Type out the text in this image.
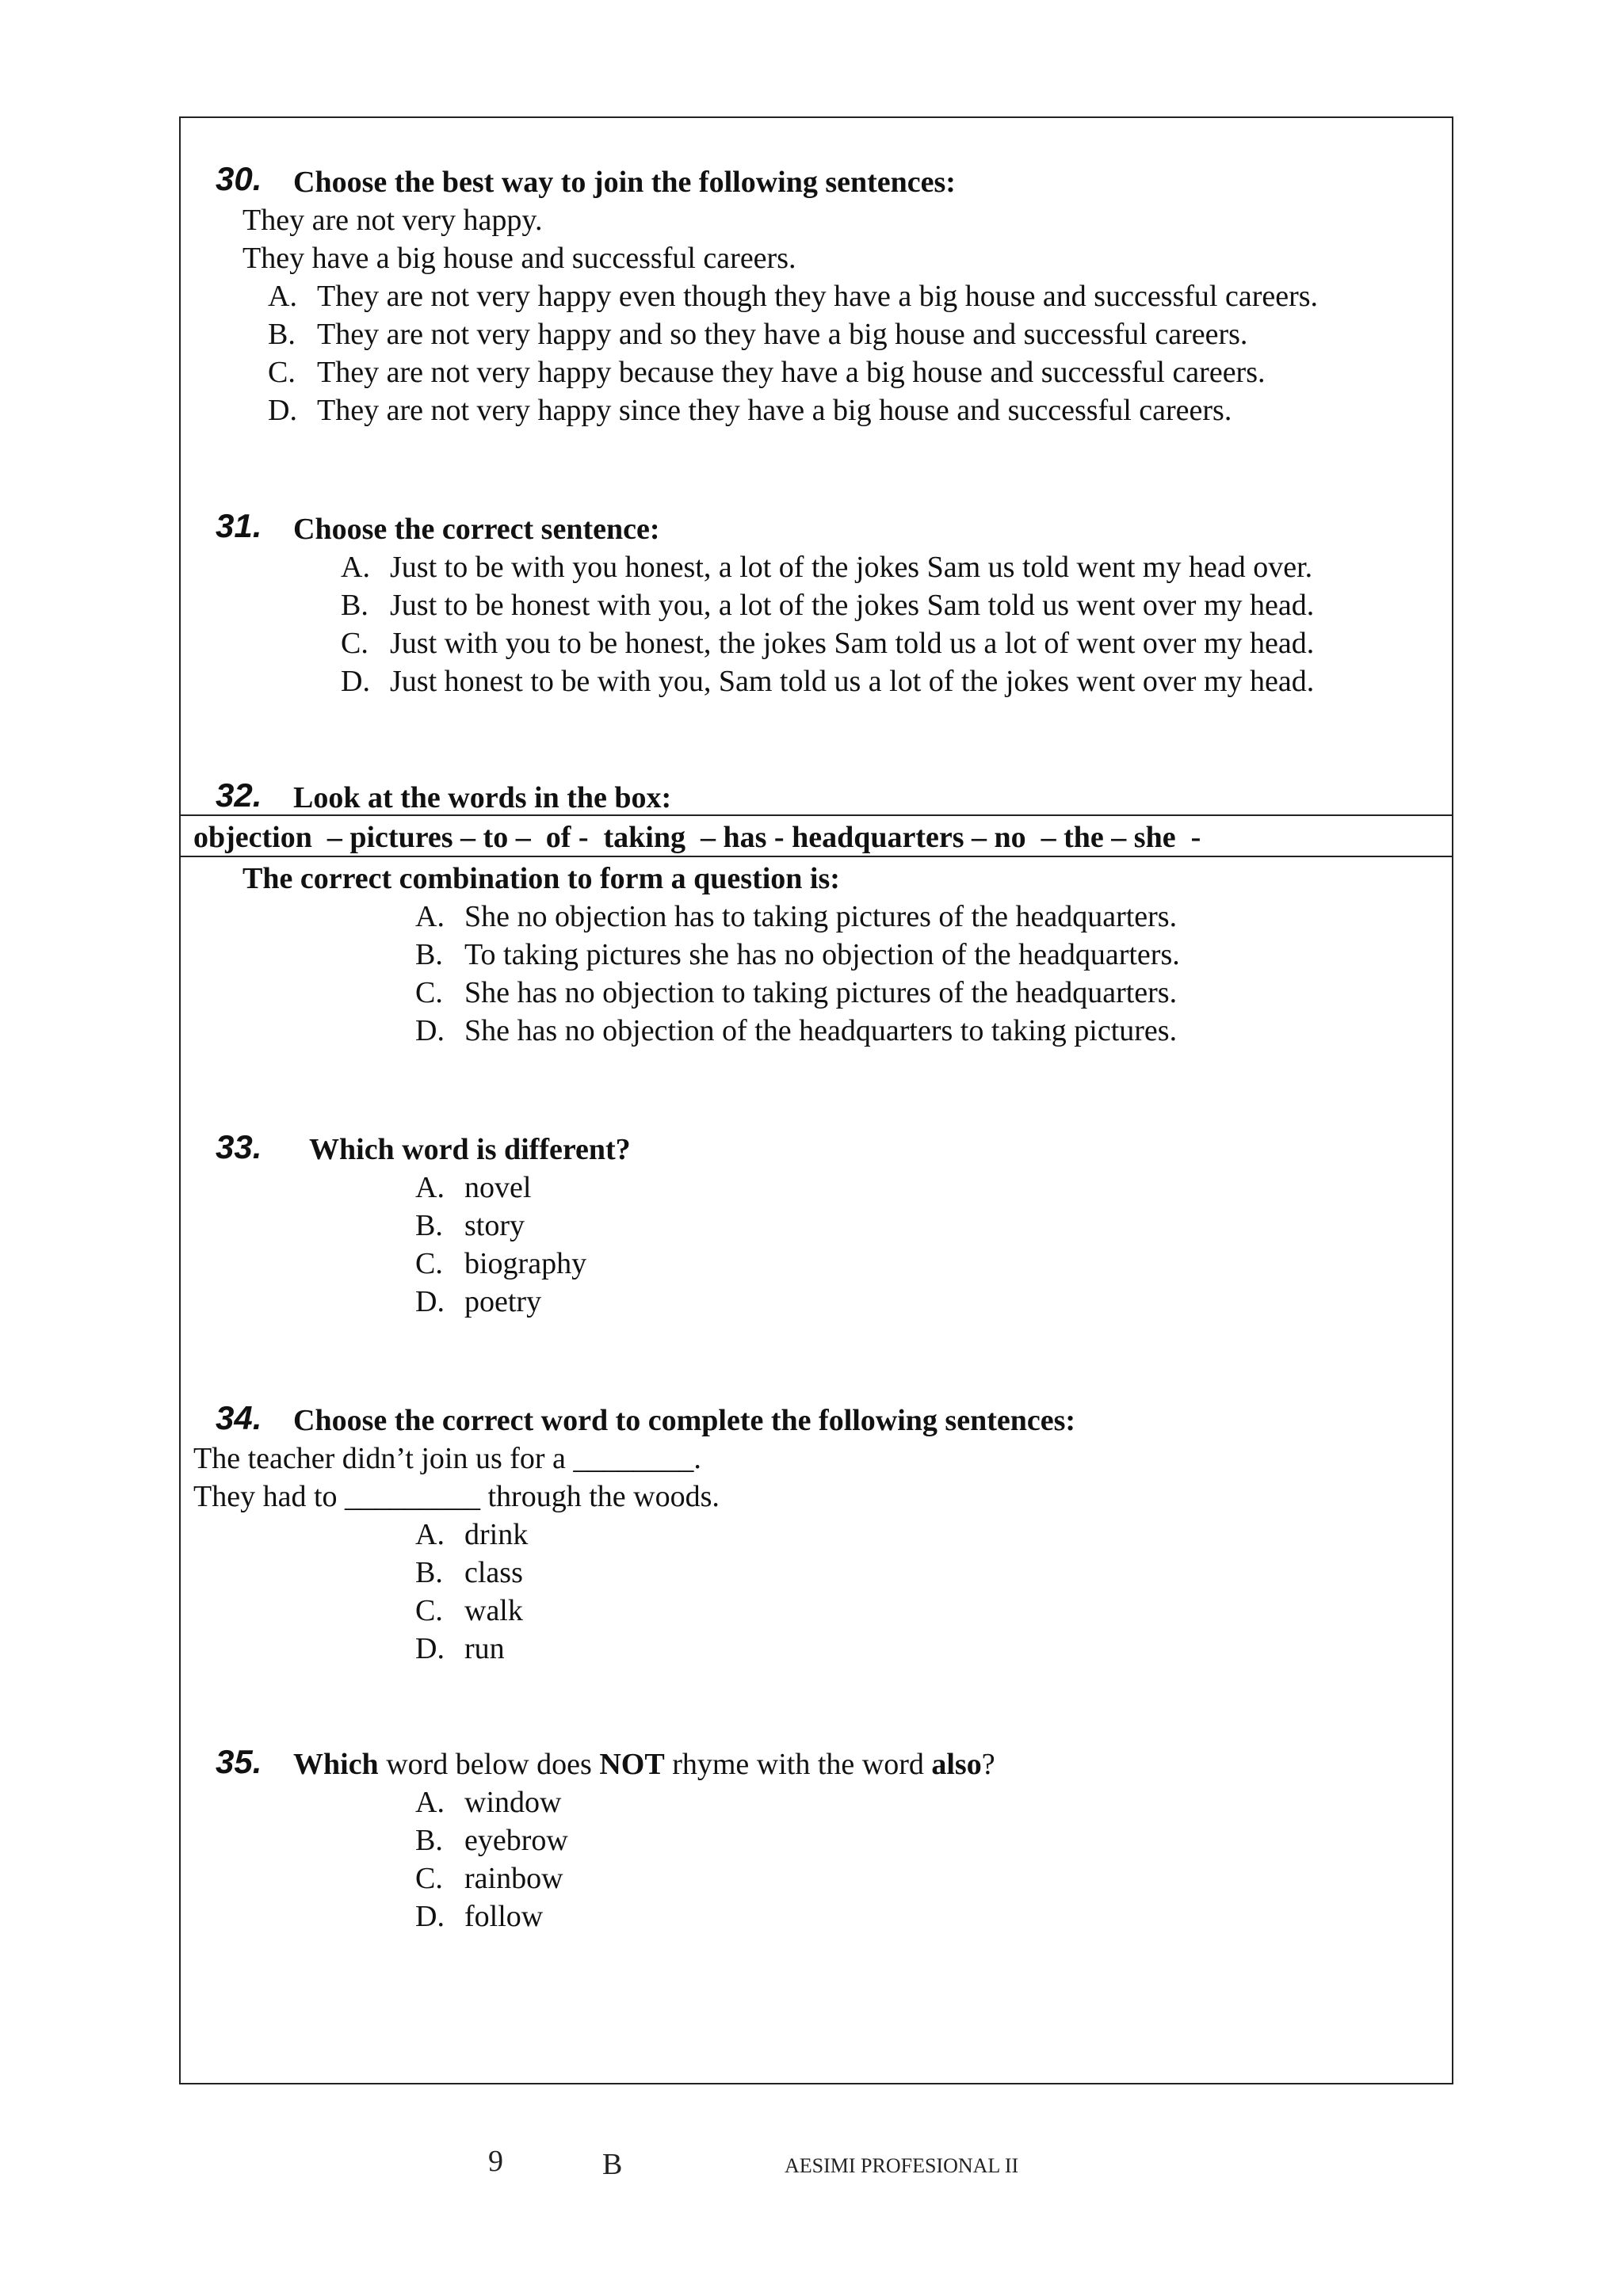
30. Choose the best way to join the following sentences:
They are not very happy.
They have a big house and successful careers.
A. They are not very happy even though they have a big house and successful careers.
B. They are not very happy and so they have a big house and successful careers.
C. They are not very happy because they have a big house and successful careers.
D. They are not very happy since they have a big house and successful careers.
31. Choose the correct sentence:
A. Just to be with you honest, a lot of the jokes Sam us told went my head over.
B. Just to be honest with you, a lot of the jokes Sam told us went over my head.
C. Just with you to be honest, the jokes Sam told us a lot of went over my head.
D. Just honest to be with you, Sam told us a lot of the jokes went over my head.
32. Look at the words in the box:
objection  – pictures – to –  of -  taking  – has - headquarters – no  – the – she  -
The correct combination to form a question is:
A. She no objection has to taking pictures of the headquarters.
B. To taking pictures she has no objection of the headquarters.
C. She has no objection to taking pictures of the headquarters.
D. She has no objection of the headquarters to taking pictures.
33. Which word is different?
A. novel
B. story
C. biography
D. poetry
34. Choose the correct word to complete the following sentences:
The teacher didn’t join us for a ________.
They had to _________ through the woods.
A. drink
B. class
C. walk
D. run
35. Which word below does NOT rhyme with the word also?
A. window
B. eyebrow
C. rainbow
D. follow
9	B	AESIMI PROFESIONAL II
